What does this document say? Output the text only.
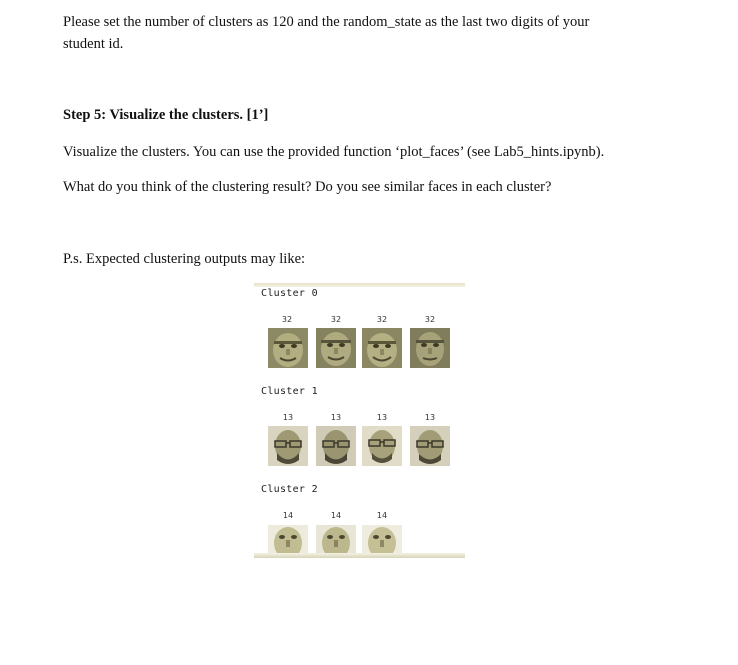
Please set the number of clusters as 120 and the random_state as the last two digits of your

student id.

Step 5: Visualize the clusters. [1’]

Visualize the clusters. You can use the provided function ‘plot_faces’ (see Lab5_hints.ipynb).

What do you think of the clustering result? Do you see similar faces in each cluster?

P.s. Expected clustering outputs may like:

Cluster 0
32	32	32	32
Cluster 1
13	13	13	13
Cluster 2
14	14	14
